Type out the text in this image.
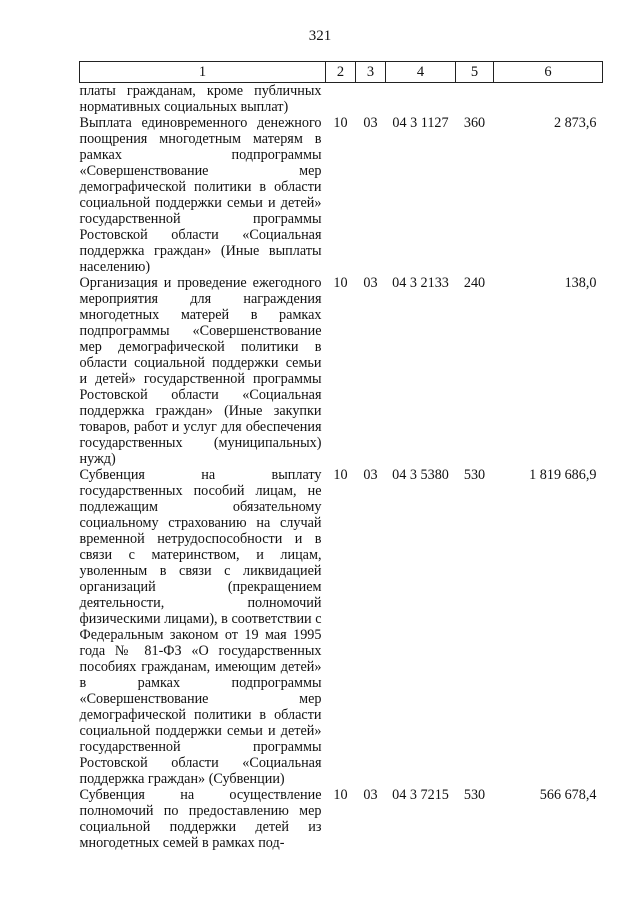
321
1	2	3	4	5	6
платы гражданам, кроме публичных нормативных социальных выплат)					
Выплата единовременного денежного поощрения многодетным матерям в рамках подпрограммы «Совершенствование мер демографической политики в области социальной поддержки семьи и детей» государственной программы Ростовской области «Социальная поддержка граждан» (Иные выплаты населению)	10	03	04 3 1127	360	2 873,6
Организация и проведение ежегодного мероприятия для награждения многодетных матерей в рамках подпрограммы «Совершенствование мер демографической политики в области социальной поддержки семьи и детей» государственной программы Ростовской области «Социальная поддержка граждан» (Иные закупки товаров, работ и услуг для обеспечения государственных (муниципальных) нужд)	10	03	04 3 2133	240	138,0
Субвенция на выплату государственных пособий лицам, не подлежащим обязательному социальному страхованию на случай временной нетрудоспособности и в связи с материнством, и лицам, уволенным в связи с ликвидацией организаций (прекращением деятельности, полномочий физическими лицами), в соответствии с Федеральным законом от 19 мая 1995 года № 81-ФЗ «О государственных пособиях гражданам, имеющим детей» в рамках подпрограммы «Совершенствование мер демографической политики в области социальной поддержки семьи и детей» государственной программы Ростовской области «Социальная поддержка граждан» (Субвенции)	10	03	04 3 5380	530	1 819 686,9
Субвенция на осуществление полномочий по предоставлению мер социальной поддержки детей из многодетных семей в рамках под-	10	03	04 3 7215	530	566 678,4
